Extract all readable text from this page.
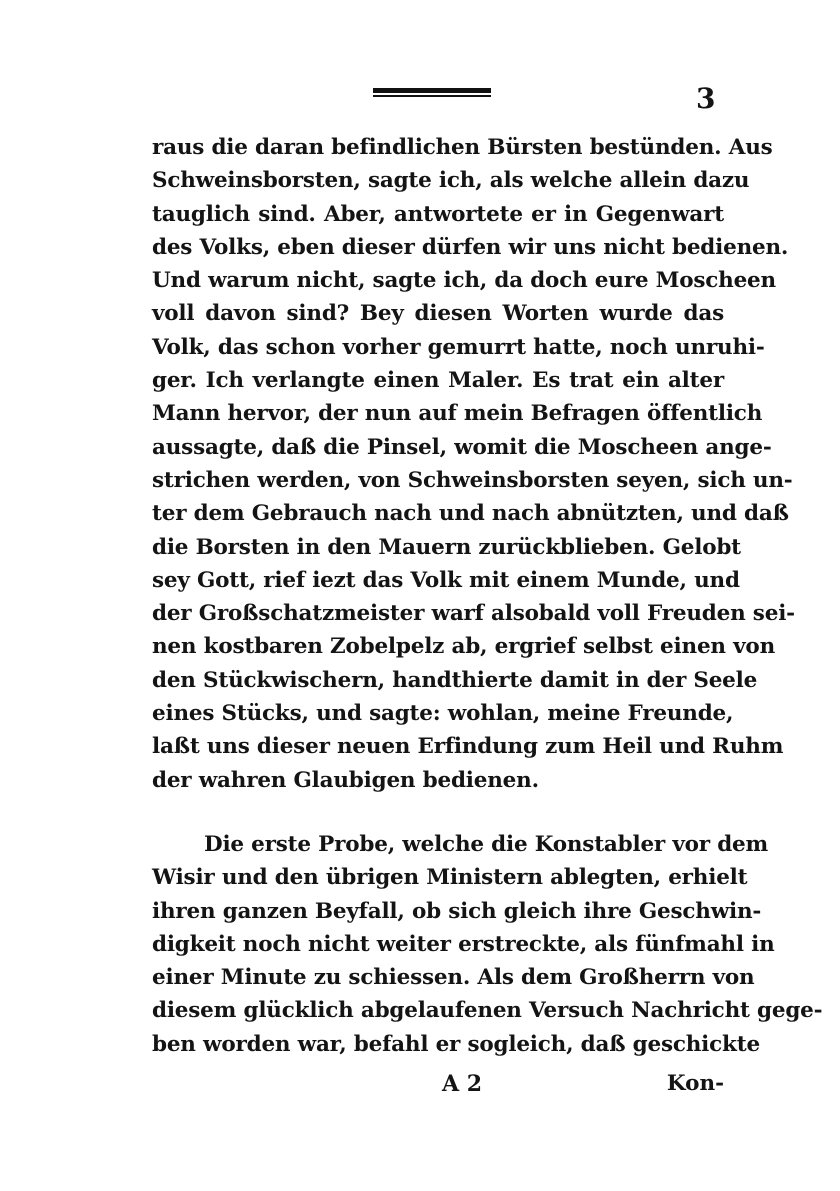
3
raus die daran befindlichen Bürsten bestünden. Aus
Schweinsborsten, sagte ich, als welche allein dazu
tauglich sind. Aber, antwortete er in Gegenwart
des Volks, eben dieser dürfen wir uns nicht bedienen.
Und warum nicht, sagte ich, da doch eure Moscheen
voll davon sind? Bey diesen Worten wurde das
Volk, das schon vorher gemurrt hatte, noch unruhi-
ger. Ich verlangte einen Maler. Es trat ein alter
Mann hervor, der nun auf mein Befragen öffentlich
aussagte, daß die Pinsel, womit die Moscheen ange-
strichen werden, von Schweinsborsten seyen, sich un-
ter dem Gebrauch nach und nach abnützten, und daß
die Borsten in den Mauern zurückblieben. Gelobt
sey Gott, rief iezt das Volk mit einem Munde, und
der Großschatzmeister warf alsobald voll Freuden sei-
nen kostbaren Zobelpelz ab, ergrief selbst einen von
den Stückwischern, handthierte damit in der Seele
eines Stücks, und sagte: wohlan, meine Freunde,
laßt uns dieser neuen Erfindung zum Heil und Ruhm
der wahren Glaubigen bedienen.
Die erste Probe, welche die Konstabler vor dem
Wisir und den übrigen Ministern ablegten, erhielt
ihren ganzen Beyfall, ob sich gleich ihre Geschwin-
digkeit noch nicht weiter erstreckte, als fünfmahl in
einer Minute zu schiessen. Als dem Großherrn von
diesem glücklich abgelaufenen Versuch Nachricht gege-
ben worden war, befahl er sogleich, daß geschickte
A 2	Kon-
